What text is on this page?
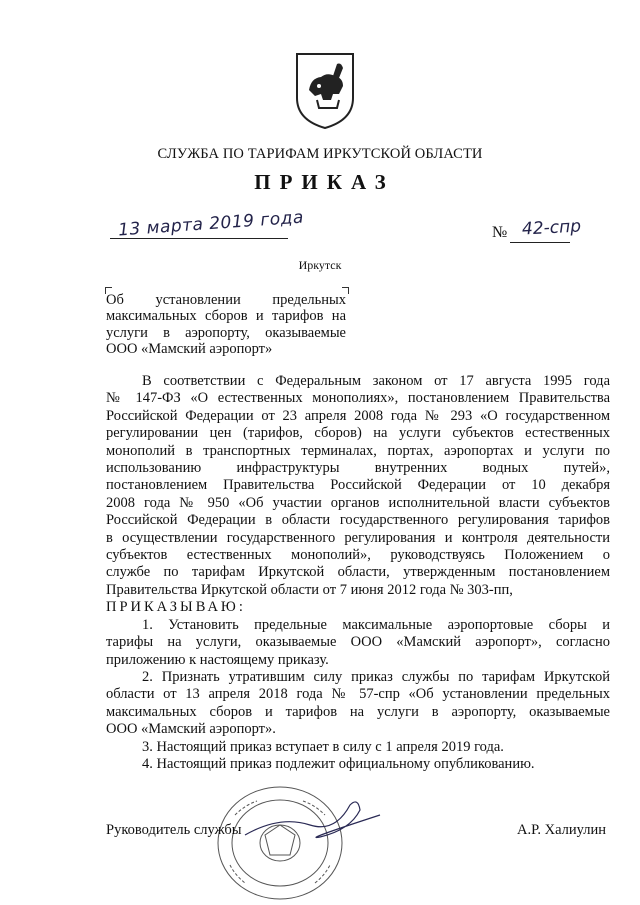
СЛУЖБА ПО ТАРИФАМ ИРКУТСКОЙ ОБЛАСТИ
ПРИКАЗ
13 марта 2019 года	№ 42-спр
Иркутск
Об установлении предельных
максимальных сборов и тарифов на
услуги в аэропорту, оказываемые
ООО «Мамский аэропорт»
В соответствии с Федеральным законом от 17 августа 1995 года
№ 147-ФЗ «О естественных монополиях», постановлением Правительства
Российской Федерации от 23 апреля 2008 года № 293 «О государственном
регулировании цен (тарифов, сборов) на услуги субъектов естественных
монополий в транспортных терминалах, портах, аэропортах и услуги по
использованию инфраструктуры внутренних водных путей»,
постановлением Правительства Российской Федерации от 10 декабря
2008 года № 950 «Об участии органов исполнительной власти субъектов
Российской Федерации в области государственного регулирования тарифов
в осуществлении государственного регулирования и контроля деятельности
субъектов естественных монополий», руководствуясь Положением о
службе по тарифам Иркутской области, утвержденным постановлением
Правительства Иркутской области от 7 июня 2012 года № 303-пп,
ПРИКАЗЫВАЮ:
1. Установить предельные максимальные аэропортовые сборы и
тарифы на услуги, оказываемые ООО «Мамский аэропорт», согласно
приложению к настоящему приказу.
2. Признать утратившим силу приказ службы по тарифам Иркутской
области от 13 апреля 2018 года № 57-спр «Об установлении предельных
максимальных сборов и тарифов на услуги в аэропорту, оказываемые
ООО «Мамский аэропорт».
3. Настоящий приказ вступает в силу с 1 апреля 2019 года.
4. Настоящий приказ подлежит официальному опубликованию.
Руководитель службы	А.Р. Халиулин
